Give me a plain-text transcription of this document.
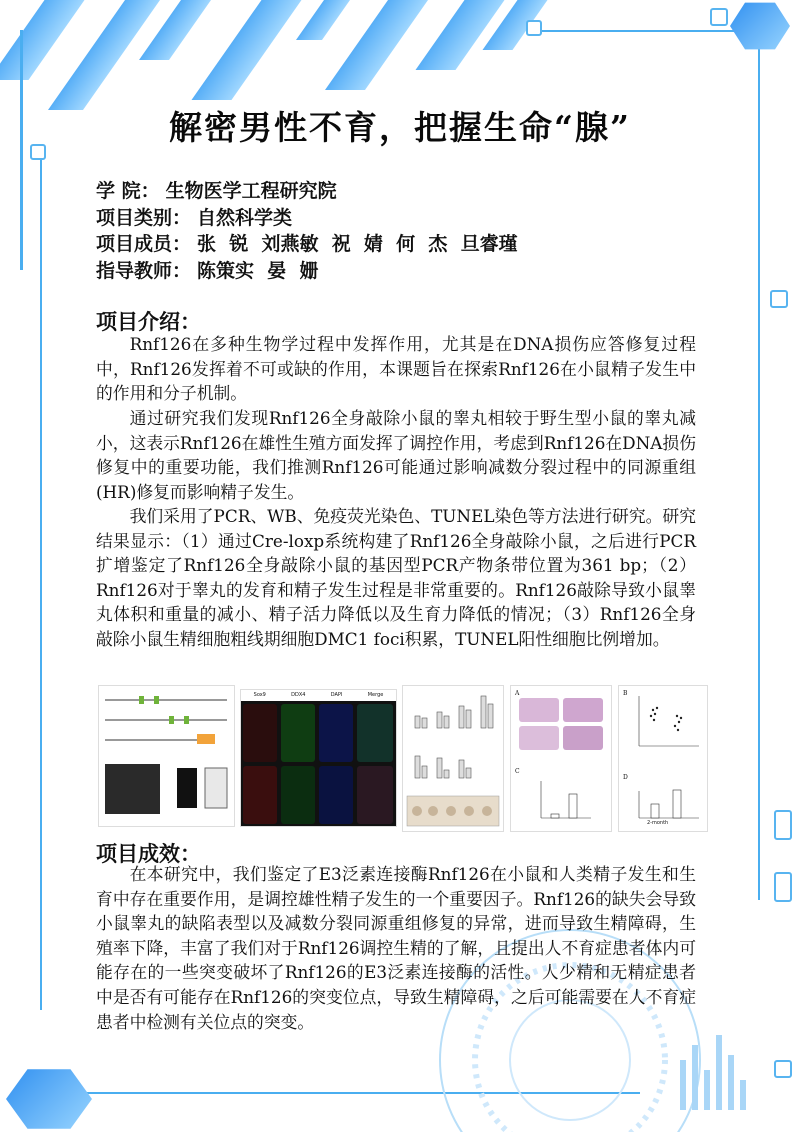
解密男性不育，把握生命“腺”
学 院： 生物医学工程研究院
项目类别： 自然科学类
项目成员： 张  锐  刘燕敏  祝  婧  何  杰  旦睿瑾
指导教师： 陈策实  晏  姗
项目介绍：

Rnf126在多种生物学过程中发挥作用，尤其是在DNA损伤应答修复过程中，Rnf126发挥着不可或缺的作用，本课题旨在探索Rnf126在小鼠精子发生中的作用和分子机制。

通过研究我们发现Rnf126全身敲除小鼠的睾丸相较于野生型小鼠的睾丸减小，这表示Rnf126在雄性生殖方面发挥了调控作用，考虑到Rnf126在DNA损伤修复中的重要功能，我们推测Rnf126可能通过影响减数分裂过程中的同源重组(HR)修复而影响精子发生。

我们采用了PCR、WB、免疫荧光染色、TUNEL染色等方法进行研究。研究结果显示：（1）通过Cre-loxp系统构建了Rnf126全身敲除小鼠，之后进行PCR扩增鉴定了Rnf126全身敲除小鼠的基因型PCR产物条带位置为361 bp；（2）Rnf126对于睾丸的发育和精子发生过程是非常重要的。Rnf126敲除导致小鼠睾丸体积和重量的减小、精子活力降低以及生育力降低的情况；（3）Rnf126全身敲除小鼠生精细胞粗线期细胞DMC1 foci积累，TUNEL阳性细胞比例增加。

Sox9	DDX4	DAPI	Merge	A
C
B
D
2-month
项目成效：

在本研究中，我们鉴定了E3泛素连接酶Rnf126在小鼠和人类精子发生和生育中存在重要作用，是调控雄性精子发生的一个重要因子。Rnf126的缺失会导致小鼠睾丸的缺陷表型以及减数分裂同源重组修复的异常，进而导致生精障碍，生殖率下降，丰富了我们对于Rnf126调控生精的了解，且提出人不育症患者体内可能存在的一些突变破坏了Rnf126的E3泛素连接酶的活性。人少精和无精症患者中是否有可能存在Rnf126的突变位点，导致生精障碍，之后可能需要在人不育症患者中检测有关位点的突变。
